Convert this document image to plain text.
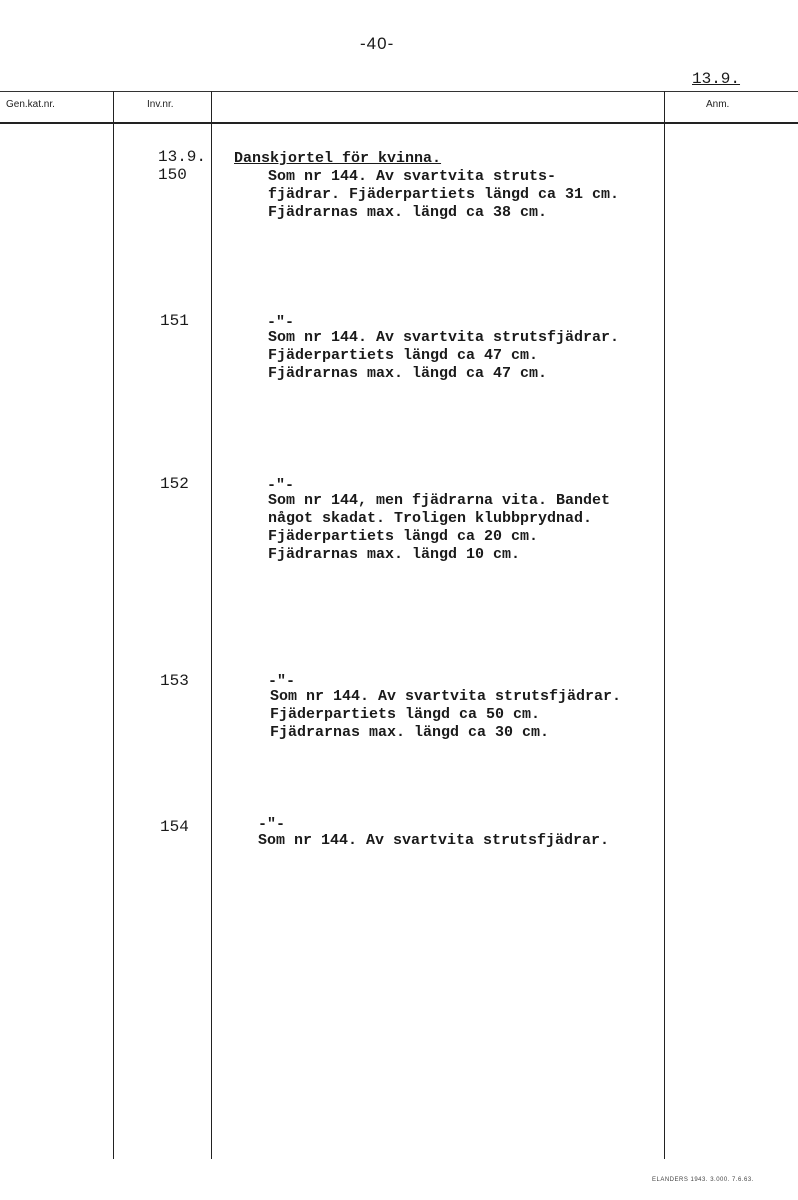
-40-
13.9.
Gen.kat.nr.	Inv.nr.	Anm.
13.9.
150
Danskjortel för kvinna.
Som nr 144. Av svartvita struts-
fjädrar. Fjäderpartiets längd ca 31 cm.
Fjädrarnas max. längd ca 38 cm.
151	-"-
Som nr 144. Av svartvita strutsfjädrar.
Fjäderpartiets längd ca 47 cm.
Fjädrarnas max. längd ca 47 cm.
152	-"-
Som nr 144, men fjädrarna vita. Bandet
något skadat. Troligen klubbprydnad.
Fjäderpartiets längd ca 20 cm.
Fjädrarnas max. längd 10 cm.
153	-"-
Som nr 144. Av svartvita strutsfjädrar.
Fjäderpartiets längd ca 50 cm.
Fjädrarnas max. längd ca 30 cm.
154	-"-
Som nr 144. Av svartvita strutsfjädrar.
ELANDERS 1943. 3.000. 7.6.63.
